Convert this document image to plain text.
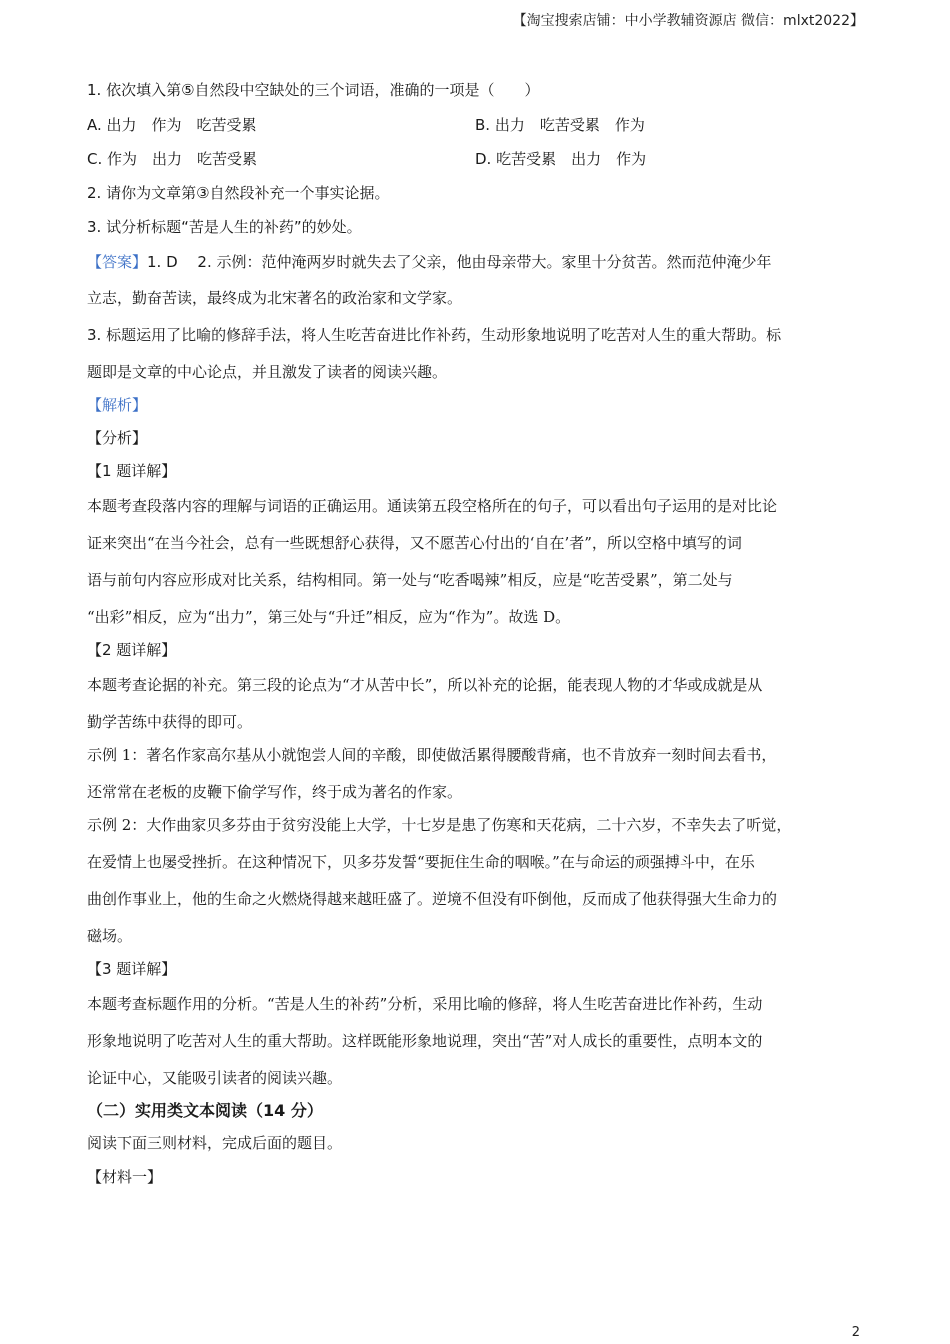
【淘宝搜索店铺：中小学教辅资源店 微信：mlxt2022】
1. 依次填入第⑤自然段中空缺处的三个词语，准确的一项是（　　）
A. 出力　作为　吃苦受累	B. 出力　吃苦受累　作为
C. 作为　出力　吃苦受累	D. 吃苦受累　出力　作为
2. 请你为文章第③自然段补充一个事实论据。
3. 试分析标题“苦是人生的补药”的妙处。
【答案】1. D　 2. 示例：范仲淹两岁时就失去了父亲，他由母亲带大。家里十分贫苦。然而范仲淹少年
立志，勤奋苦读，最终成为北宋著名的政治家和文学家。
3. 标题运用了比喻的修辞手法，将人生吃苦奋进比作补药，生动形象地说明了吃苦对人生的重大帮助。标
题即是文章的中心论点，并且激发了读者的阅读兴趣。
【解析】
【分析】
【1 题详解】
本题考查段落内容的理解与词语的正确运用。通读第五段空格所在的句子，可以看出句子运用的是对比论
证来突出“在当今社会，总有一些既想舒心获得，又不愿苦心付出的‘自在’者”，所以空格中填写的词
语与前句内容应形成对比关系，结构相同。第一处与“吃香喝辣”相反，应是“吃苦受累”，第二处与
“出彩”相反，应为“出力”，第三处与“升迁”相反，应为“作为”。故选 D。
【2 题详解】
本题考查论据的补充。第三段的论点为“才从苦中长”，所以补充的论据，能表现人物的才华或成就是从
勤学苦练中获得的即可。
示例 1：著名作家高尔基从小就饱尝人间的辛酸，即使做活累得腰酸背痛，也不肯放弃一刻时间去看书，
还常常在老板的皮鞭下偷学写作，终于成为著名的作家。
示例 2：大作曲家贝多芬由于贫穷没能上大学，十七岁是患了伤寒和天花病，二十六岁，不幸失去了听觉，
在爱情上也屡受挫折。在这种情况下，贝多芬发誓“要扼住生命的咽喉。”在与命运的顽强搏斗中，在乐
曲创作事业上，他的生命之火燃烧得越来越旺盛了。逆境不但没有吓倒他，反而成了他获得强大生命力的
磁场。
【3 题详解】
本题考查标题作用的分析。“苦是人生的补药”分析，采用比喻的修辞，将人生吃苦奋进比作补药，生动
形象地说明了吃苦对人生的重大帮助。这样既能形象地说理，突出“苦”对人成长的重要性，点明本文的
论证中心，又能吸引读者的阅读兴趣。
（二）实用类文本阅读（14 分）
阅读下面三则材料，完成后面的题目。
【材料一】
2
